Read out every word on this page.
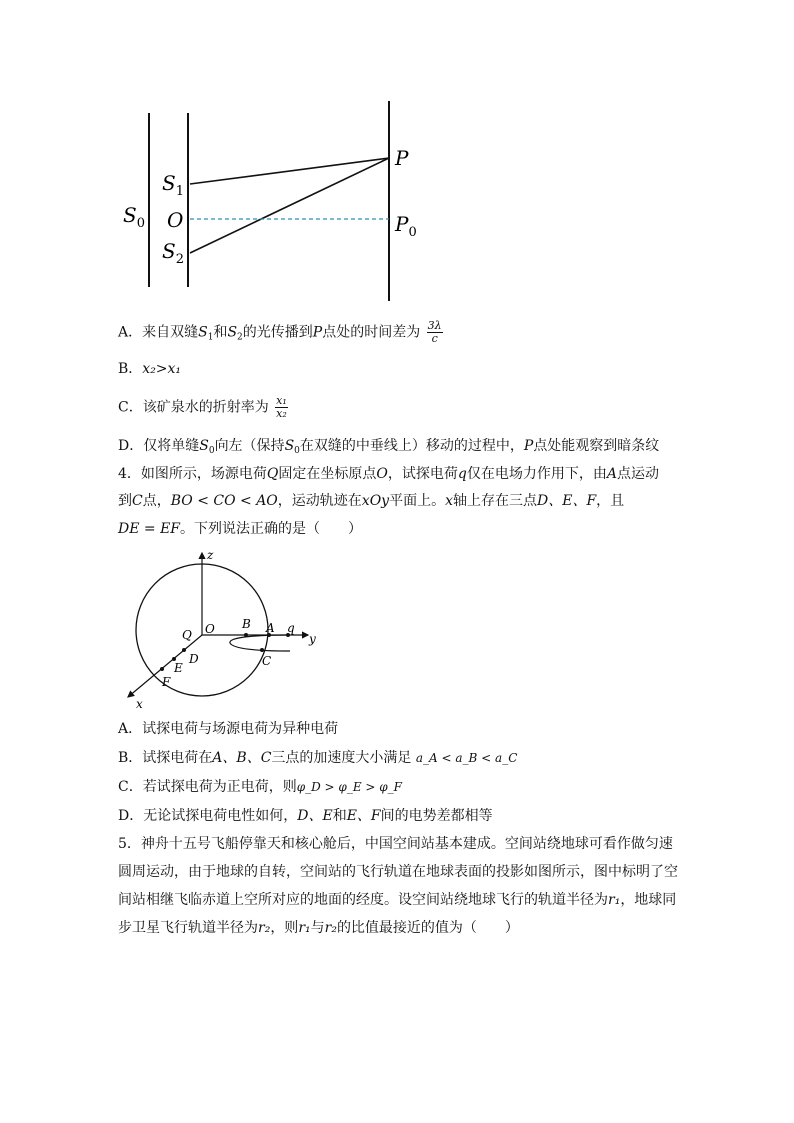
$S_0$
$S_1$
O
$S_2$
P
$P_0$
A．来自双缝$S_1$和$S_2$的光传播到P点处的时间差为 $\frac{3\lambda}{c}$
B．x₂>x₁
C．该矿泉水的折射率为 $\frac{\text{x₁}}{\text{x₂}}$
D．仅将单缝$S_0$向左（保持$S_0$在双缝的中垂线上）移动的过程中，P点处能观察到暗条纹
4．如图所示，场源电荷Q固定在坐标原点O，试探电荷q仅在电场力作用下，由A点运动
到C点，BO < CO < AO，运动轨迹在xOy平面上。x轴上存在三点D、E、F，且
DE = EF。下列说法正确的是（　　）
z
y
x
O
Q
B A q
C
D
E
F
A．试探电荷与场源电荷为异种电荷
B．试探电荷在A、B、C三点的加速度大小满足 a_A < a_B < a_C
C．若试探电荷为正电荷，则φ_D > φ_E > φ_F
D．无论试探电荷电性如何，D、E和E、F间的电势差都相等
5．神舟十五号飞船停靠天和核心舱后，中国空间站基本建成。空间站绕地球可看作做匀速
圆周运动，由于地球的自转，空间站的飞行轨道在地球表面的投影如图所示，图中标明了空
间站相继飞临赤道上空所对应的地面的经度。设空间站绕地球飞行的轨道半径为r₁，地球同
步卫星飞行轨道半径为r₂，则r₁与r₂的比值最接近的值为（　　）
